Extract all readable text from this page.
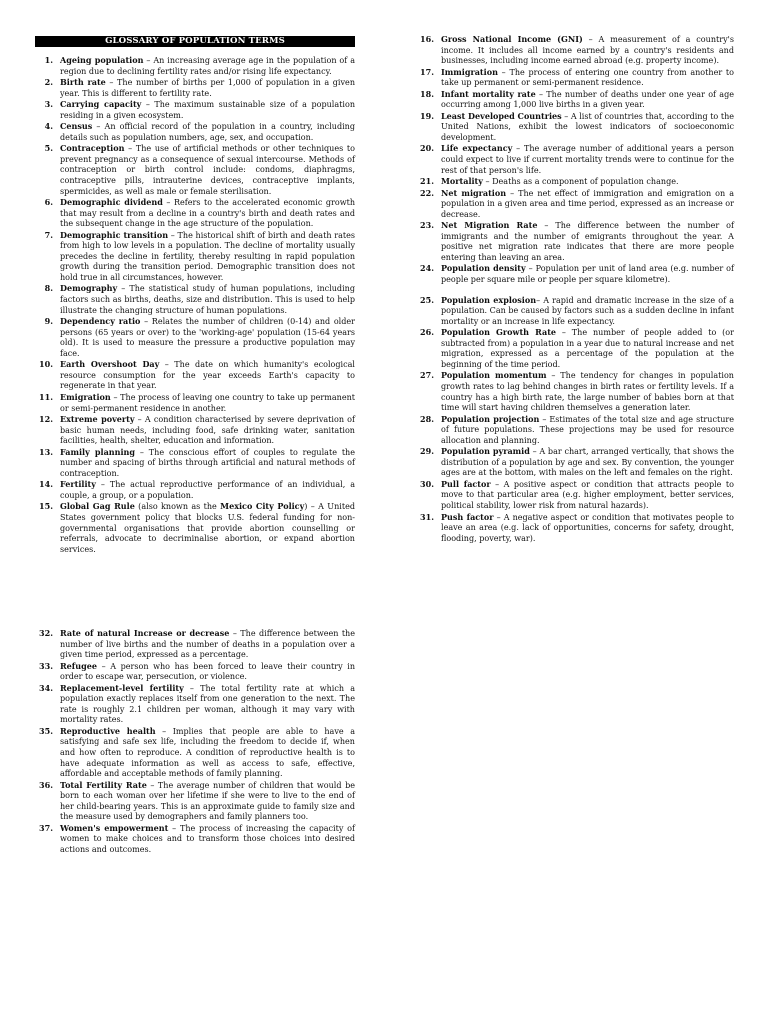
GLOSSARY OF POPULATION TERMS
1. Ageing population – An increasing average age in the population of a region due to declining fertility rates and/or rising life expectancy.
2. Birth rate – The number of births per 1,000 of population in a given year. This is different to fertility rate.
3. Carrying capacity – The maximum sustainable size of a population residing in a given ecosystem.
4. Census – An official record of the population in a country, including details such as population numbers, age, sex, and occupation.
5. Contraception – The use of artificial methods or other techniques to prevent pregnancy as a consequence of sexual intercourse. Methods of contraception or birth control include: condoms, diaphragms, contraceptive pills, intrauterine devices, contraceptive implants, spermicides, as well as male or female sterilisation.
6. Demographic dividend – Refers to the accelerated economic growth that may result from a decline in a country's birth and death rates and the subsequent change in the age structure of the population.
7. Demographic transition – The historical shift of birth and death rates from high to low levels in a population. The decline of mortality usually precedes the decline in fertility, thereby resulting in rapid population growth during the transition period. Demographic transition does not hold true in all circumstances, however.
8. Demography – The statistical study of human populations, including factors such as births, deaths, size and distribution. This is used to help illustrate the changing structure of human populations.
9. Dependency ratio – Relates the number of children (0-14) and older persons (65 years or over) to the 'working-age' population (15-64 years old). It is used to measure the pressure a productive population may face.
10. Earth Overshoot Day – The date on which humanity's ecological resource consumption for the year exceeds Earth's capacity to regenerate in that year.
11. Emigration – The process of leaving one country to take up permanent or semi-permanent residence in another.
12. Extreme poverty – A condition characterised by severe deprivation of basic human needs, including food, safe drinking water, sanitation facilities, health, shelter, education and information.
13. Family planning – The conscious effort of couples to regulate the number and spacing of births through artificial and natural methods of contraception.
14. Fertility – The actual reproductive performance of an individual, a couple, a group, or a population.
15. Global Gag Rule (also known as the Mexico City Policy) – A United States government policy that blocks U.S. federal funding for non-governmental organisations that provide abortion counselling or referrals, advocate to decriminalise abortion, or expand abortion services.
16. Gross National Income (GNI) – A measurement of a country's income. It includes all income earned by a country's residents and businesses, including income earned abroad (e.g. property income).
17. Immigration – The process of entering one country from another to take up permanent or semi-permanent residence.
18. Infant mortality rate – The number of deaths under one year of age occurring among 1,000 live births in a given year.
19. Least Developed Countries – A list of countries that, according to the United Nations, exhibit the lowest indicators of socioeconomic development.
20. Life expectancy – The average number of additional years a person could expect to live if current mortality trends were to continue for the rest of that person's life.
21. Mortality – Deaths as a component of population change.
22. Net migration – The net effect of immigration and emigration on a population in a given area and time period, expressed as an increase or decrease.
23. Net Migration Rate – The difference between the number of immigrants and the number of emigrants throughout the year. A positive net migration rate indicates that there are more people entering than leaving an area.
24. Population density – Population per unit of land area (e.g. number of people per square mile or people per square kilometre).
25. Population explosion– A rapid and dramatic increase in the size of a population. Can be caused by factors such as a sudden decline in infant mortality or an increase in life expectancy.
26. Population Growth Rate – The number of people added to (or subtracted from) a population in a year due to natural increase and net migration, expressed as a percentage of the population at the beginning of the time period.
27. Population momentum – The tendency for changes in population growth rates to lag behind changes in birth rates or fertility levels. If a country has a high birth rate, the large number of babies born at that time will start having children themselves a generation later.
28. Population projection – Estimates of the total size and age structure of future populations. These projections may be used for resource allocation and planning.
29. Population pyramid – A bar chart, arranged vertically, that shows the distribution of a population by age and sex. By convention, the younger ages are at the bottom, with males on the left and females on the right.
30. Pull factor – A positive aspect or condition that attracts people to move to that particular area (e.g. higher employment, better services, political stability, lower risk from natural hazards).
31. Push factor – A negative aspect or condition that motivates people to leave an area (e.g. lack of opportunities, concerns for safety, drought, flooding, poverty, war).
32. Rate of natural Increase or decrease – The difference between the number of live births and the number of deaths in a population over a given time period, expressed as a percentage.
33. Refugee – A person who has been forced to leave their country in order to escape war, persecution, or violence.
34. Replacement-level fertility – The total fertility rate at which a population exactly replaces itself from one generation to the next. The rate is roughly 2.1 children per woman, although it may vary with mortality rates.
35. Reproductive health – Implies that people are able to have a satisfying and safe sex life, including the freedom to decide if, when and how often to reproduce. A condition of reproductive health is to have adequate information as well as access to safe, effective, affordable and acceptable methods of family planning.
36. Total Fertility Rate – The average number of children that would be born to each woman over her lifetime if she were to live to the end of her child-bearing years. This is an approximate guide to family size and the measure used by demographers and family planners too.
37. Women's empowerment – The process of increasing the capacity of women to make choices and to transform those choices into desired actions and outcomes.
